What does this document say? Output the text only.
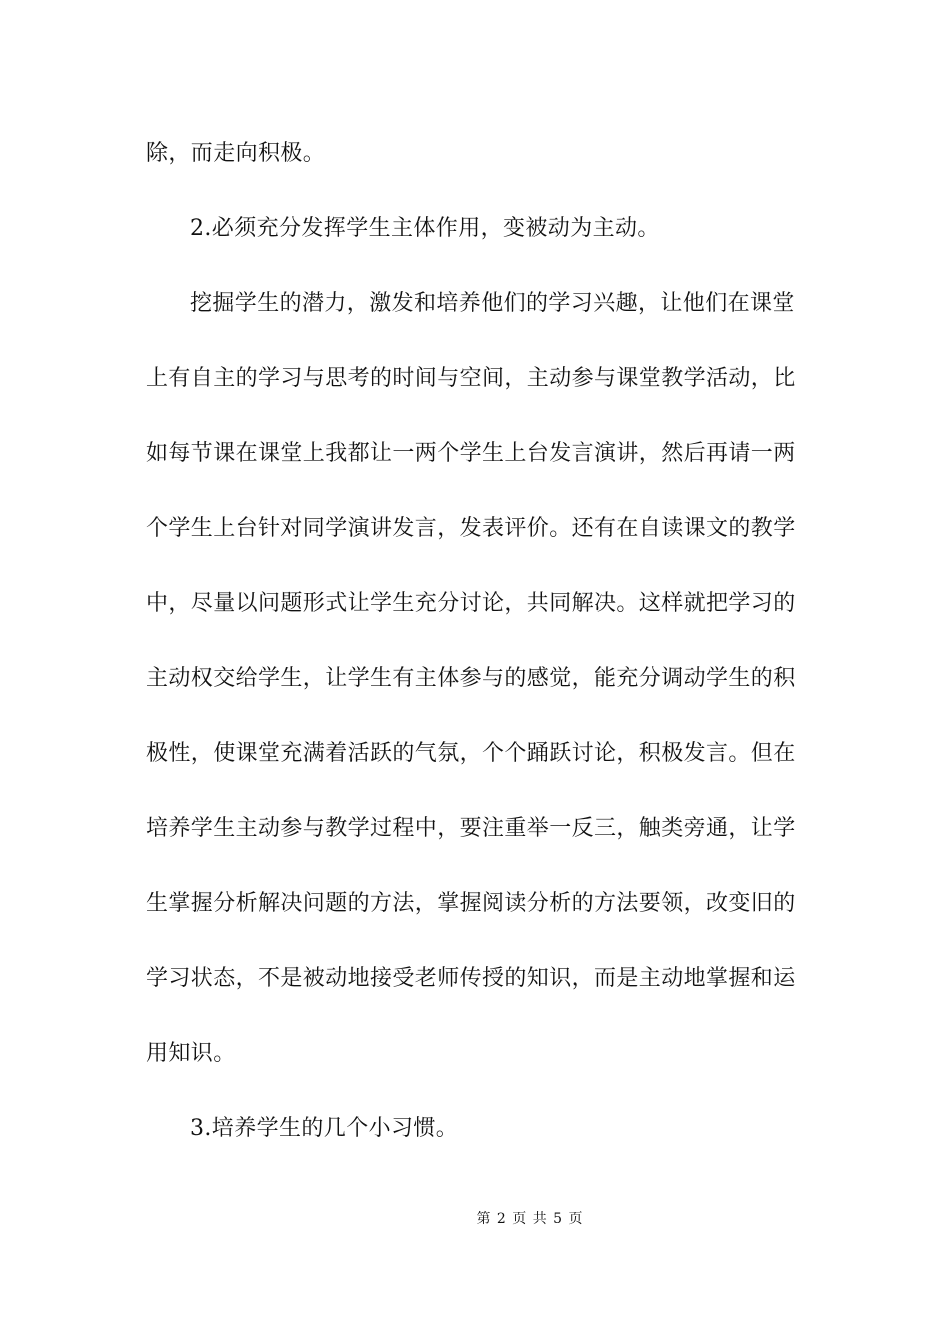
除，而走向积极。
2.必须充分发挥学生主体作用，变被动为主动。
挖掘学生的潜力，激发和培养他们的学习兴趣，让他们在课堂
上有自主的学习与思考的时间与空间，主动参与课堂教学活动，比
如每节课在课堂上我都让一两个学生上台发言演讲，然后再请一两
个学生上台针对同学演讲发言，发表评价。还有在自读课文的教学
中，尽量以问题形式让学生充分讨论，共同解决。这样就把学习的
主动权交给学生，让学生有主体参与的感觉，能充分调动学生的积
极性，使课堂充满着活跃的气氛，个个踊跃讨论，积极发言。但在
培养学生主动参与教学过程中，要注重举一反三，触类旁通，让学
生掌握分析解决问题的方法，掌握阅读分析的方法要领，改变旧的
学习状态，不是被动地接受老师传授的知识，而是主动地掌握和运
用知识。
3.培养学生的几个小习惯。
第 2 页 共 5 页
